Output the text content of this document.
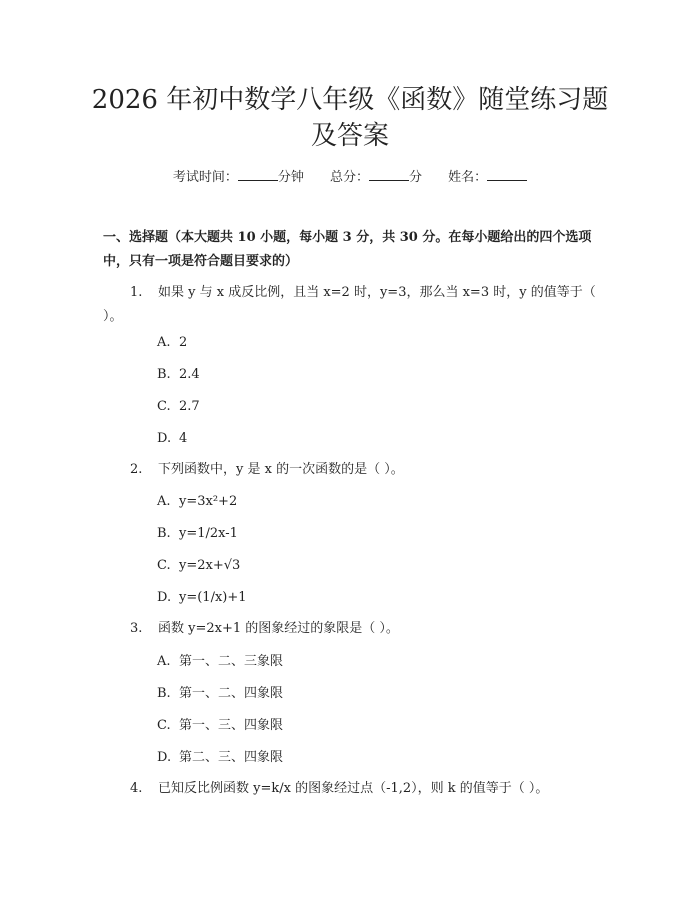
2026 年初中数学八年级《函数》随堂练习题
及答案
考试时间：	分钟 总分：	分 姓名：
一、选择题（本大题共 10 小题，每小题 3 分，共 30 分。在每小题给出的四个选项中，只有一项是符合题目要求的）
1. 如果 y 与 x 成反比例，且当 x=2 时，y=3，那么当 x=3 时，y 的值等于（ ）。
A. 2
B. 2.4
C. 2.7
D. 4
2. 下列函数中，y 是 x 的一次函数的是（ ）。
A. y=3x²+2
B. y=1/2x-1
C. y=2x+√3
D. y=(1/x)+1
3. 函数 y=2x+1 的图象经过的象限是（ ）。
A. 第一、二、三象限
B. 第一、二、四象限
C. 第一、三、四象限
D. 第二、三、四象限
4. 已知反比例函数 y=k/x 的图象经过点（-1,2），则 k 的值等于（ ）。
